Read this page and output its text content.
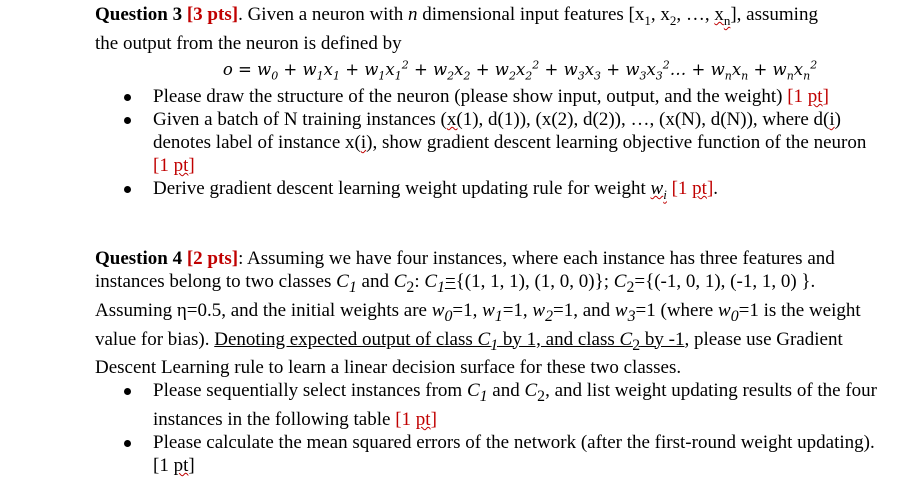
Question 3 [3 pts]. Given a neuron with n dimensional input features [$x_1$, $x_2$, …, $x_n$], assuming
the output from the neuron is defined by
$o = w_0 + w_1x_1 + w_1x_1^2 + w_2x_2 + w_2x_2^2 + w_3x_3$ + $w_3x_3^2\dots + w_nx_n + w_nx_n^2$
Please draw the structure of the neuron (please show input, output, and the weight) [1 pt]
Given a batch of N training instances (x(1), d(1)), (x(2), d(2)), …, (x(N), d(N)), where d(i) denotes label of instance x(i), show gradient descent learning objective function of the neuron [1 pt]
Derive gradient descent learning weight updating rule for weight $w_i$ [1 pt].
Question 4 [2 pts]: Assuming we have four instances, where each instance has three features and instances belong to two classes $C_1$ and $C_2$: $C_1=\{(1$, 1, 1), (1, 0, 0)}; $C_2=\{(-1$, 0, 1), (-1, 1, 0) }. Assuming η=0.5, and the initial weights are $w_0=1$, $w_1=1$, $w_2=1$, and $w_3=1$ (where $w_0=1$ is the weight value for bias). Denoting expected output of class $C_1$ by 1, and class $C_2$ by -1, please use Gradient Descent Learning rule to learn a linear decision surface for these two classes.
Please sequentially select instances from $C_1$ and $C_2$, and list weight updating results of the four instances in the following table [1 pt]
Please calculate the mean squared errors of the network (after the first-round weight updating). [1 pt]
